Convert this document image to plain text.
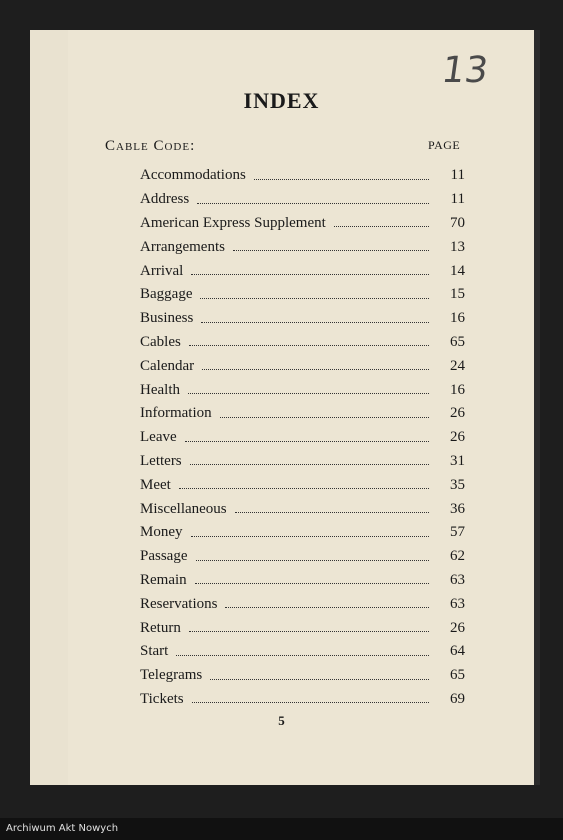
13
INDEX
Cable Code:	PAGE
Accommodations	11
Address	11
American Express Supplement	70
Arrangements	13
Arrival	14
Baggage	15
Business	16
Cables	65
Calendar	24
Health	16
Information	26
Leave	26
Letters	31
Meet	35
Miscellaneous	36
Money	57
Passage	62
Remain	63
Reservations	63
Return	26
Start	64
Telegrams	65
Tickets	69
5
Archiwum Akt Nowych
